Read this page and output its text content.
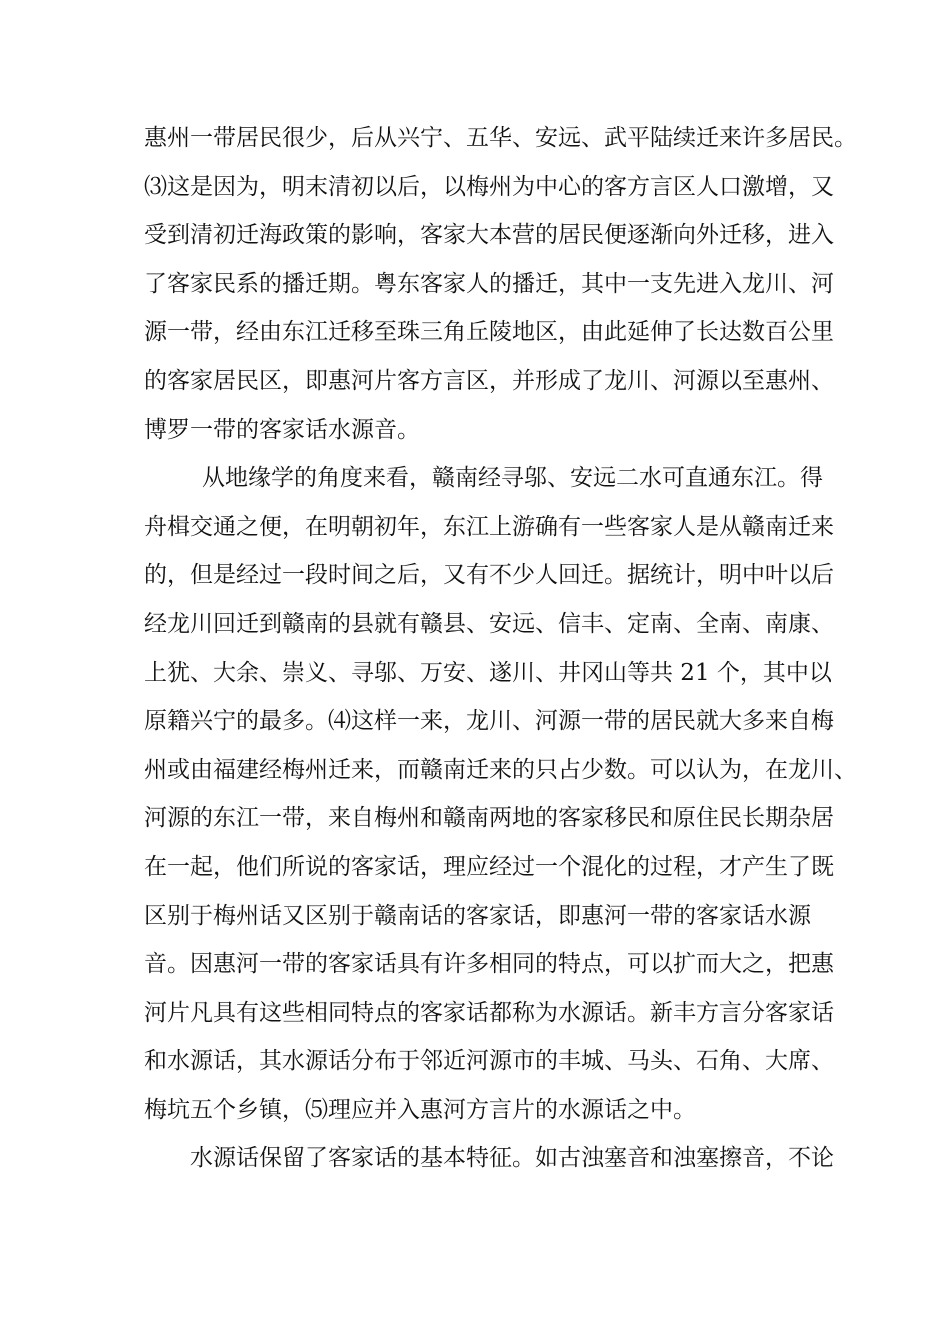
惠州一带居民很少，后从兴宁、五华、安远、武平陆续迁来许多居民。
⑶这是因为，明末清初以后，以梅州为中心的客方言区人口激增，又
受到清初迁海政策的影响，客家大本营的居民便逐渐向外迁移，进入
了客家民系的播迁期。粤东客家人的播迁，其中一支先进入龙川、河
源一带，经由东江迁移至珠三角丘陵地区，由此延伸了长达数百公里
的客家居民区，即惠河片客方言区，并形成了龙川、河源以至惠州、
博罗一带的客家话水源音。
从地缘学的角度来看，赣南经寻邬、安远二水可直通东江。得
舟楫交通之便，在明朝初年，东江上游确有一些客家人是从赣南迁来
的，但是经过一段时间之后，又有不少人回迁。据统计，明中叶以后
经龙川回迁到赣南的县就有赣县、安远、信丰、定南、全南、南康、
上犹、大余、崇义、寻邬、万安、遂川、井冈山等共 21 个，其中以
原籍兴宁的最多。⑷这样一来，龙川、河源一带的居民就大多来自梅
州或由福建经梅州迁来，而赣南迁来的只占少数。可以认为，在龙川、
河源的东江一带，来自梅州和赣南两地的客家移民和原住民长期杂居
在一起，他们所说的客家话，理应经过一个混化的过程，才产生了既
区别于梅州话又区别于赣南话的客家话，即惠河一带的客家话水源
音。因惠河一带的客家话具有许多相同的特点，可以扩而大之，把惠
河片凡具有这些相同特点的客家话都称为水源话。新丰方言分客家话
和水源话，其水源话分布于邻近河源市的丰城、马头、石角、大席、
梅坑五个乡镇，⑸理应并入惠河方言片的水源话之中。
水源话保留了客家话的基本特征。如古浊塞音和浊塞擦音，不论
